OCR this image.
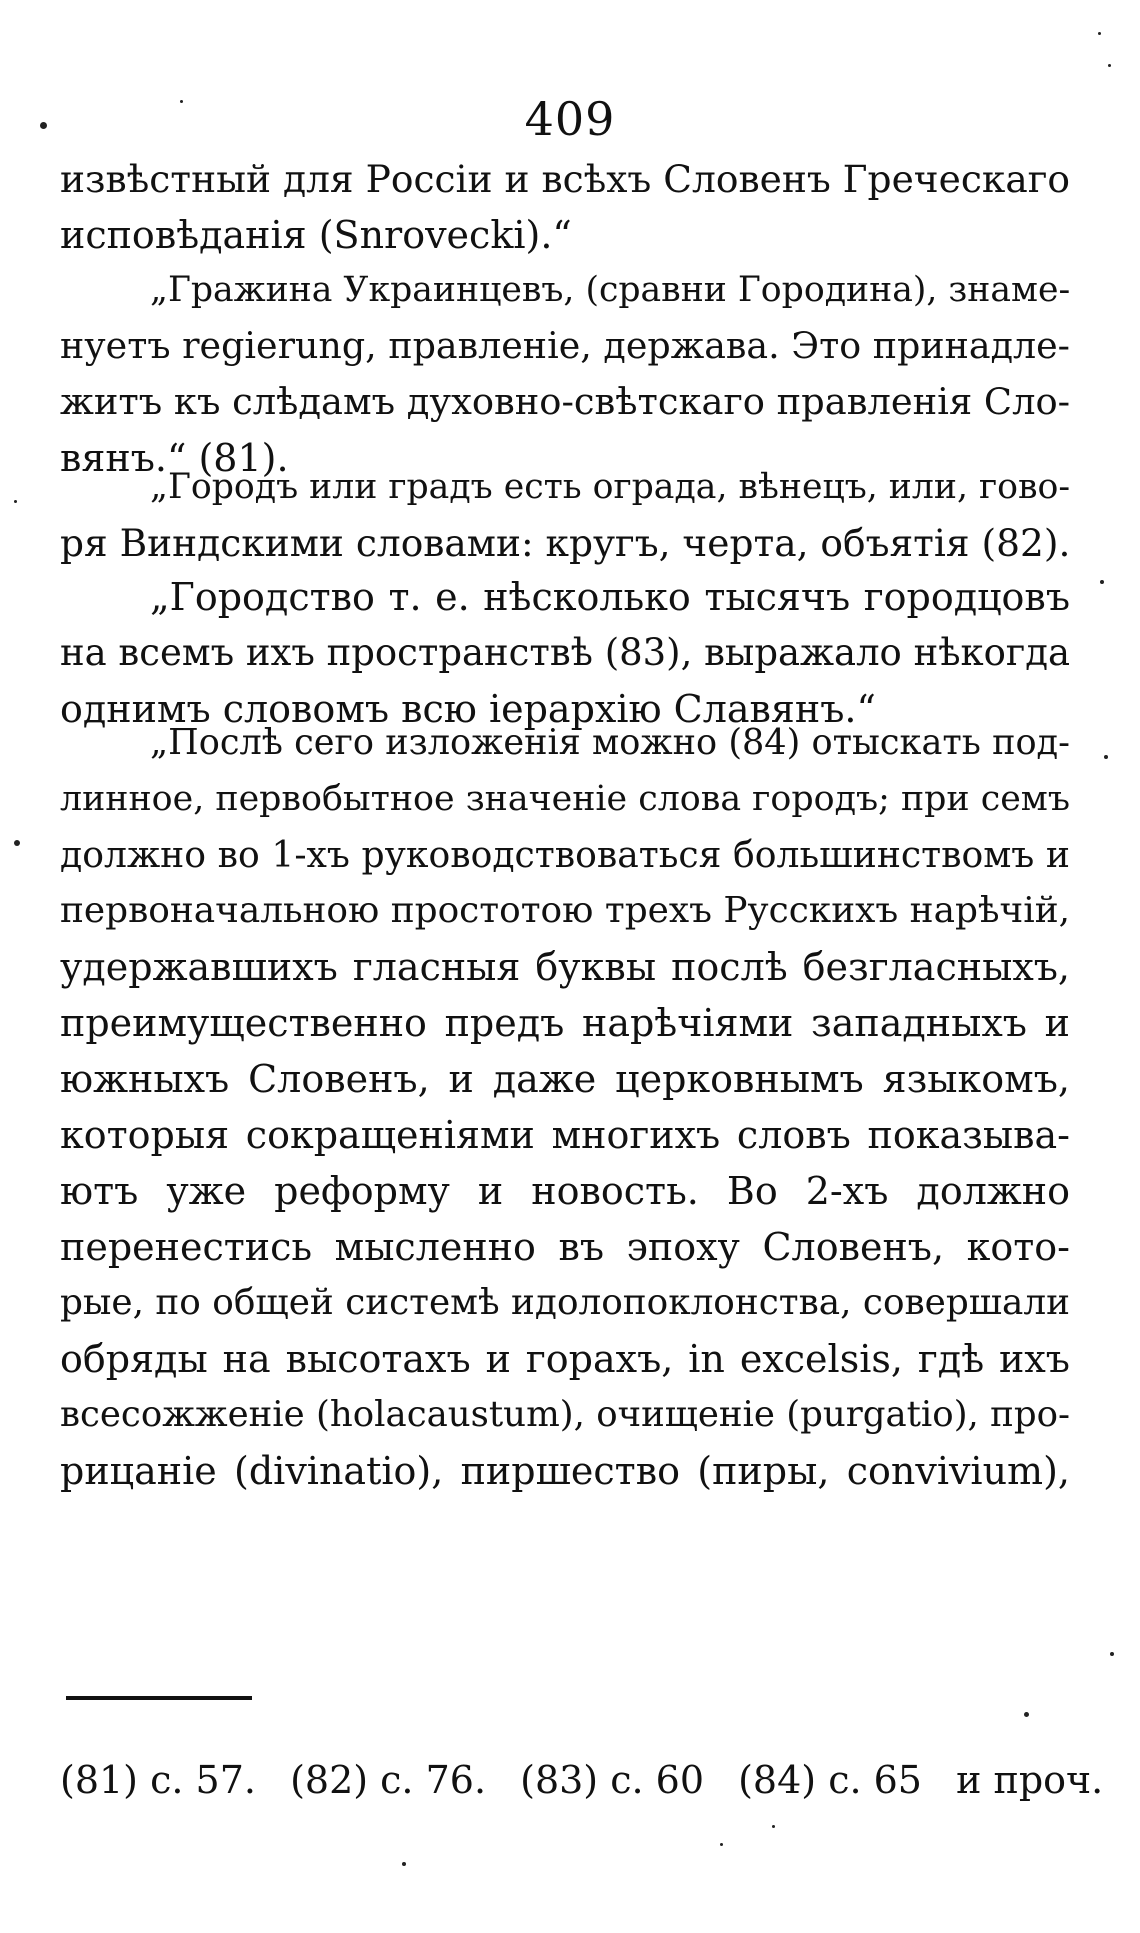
409
извѣстный для Россіи и всѣхъ Словенъ Греческаго
исповѣданія (Snrovecki).“
„Гражина Украинцевъ, (сравни Городина), знаме-
нуетъ regierung, правленіе, держава. Это принадле-
житъ къ слѣдамъ духовно-свѣтскаго правленія Сло-
вянъ.“ (81).
„Городъ или градъ есть ограда, вѣнецъ, или, гово-
ря Виндскими словами: кругъ, черта, объятія (82).
„Городство т. е. нѣсколько тысячъ городцовъ
на всемъ ихъ пространствѣ (83), выражало нѣкогда
однимъ словомъ всю іерархію Славянъ.“
„Послѣ сего изложенія можно (84) отыскать под-
линное, первобытное значеніе слова городъ; при семъ
должно во 1-хъ руководствоваться большинствомъ и
первоначальною простотою трехъ Русскихъ нарѣчій,
удержавшихъ гласныя буквы послѣ безгласныхъ,
преимущественно предъ нарѣчіями западныхъ и
южныхъ Словенъ, и даже церковнымъ языкомъ,
которыя сокращеніями многихъ словъ показыва-
ютъ уже реформу и новость. Во 2-хъ должно
перенестись мысленно въ эпоху Словенъ, кото-
рые, по общей системѣ идолопоклонства, совершали
обряды на высотахъ и горахъ, in excelsis, гдѣ ихъ
всесожженіе (holacaustum), очищеніе (purgatio), про-
рицаніе (divinatio), пиршество (пиры, convivium),
(81) с. 57. (82) с. 76. (83) с. 60 (84) с. 65 и проч.
